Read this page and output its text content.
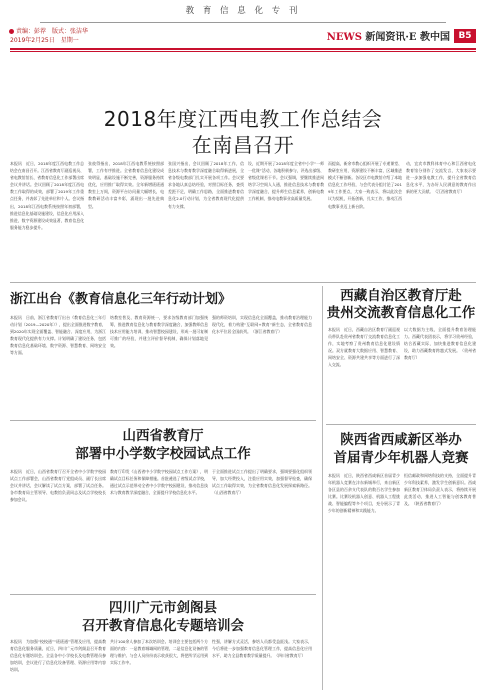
教 育 信 息 化 专 刊
责编：彭荐　版式：张洁华
2019年2月25日　星期一	NEWS 新闻资讯·E 教中国 B5
2018年度江西电教工作总结会
在南昌召开
本报讯　近日，2018年度江西电教工作总结会在南昌召开。江西省教育厅副巡视员、省电教馆馆长、省教育信息化工作部署出席会议并讲话。会议回顾了2018年度江西电教工作取得的成效，部署了2019年工作重点任务，并表彰了先进单位和个人。会议指出，2018年江西电教系统按照年初部署，推进信息化基础设施建设，信息化应用深入推进，数字资源建设成效显著，教育信息化服务能力稳步提升。
张彼得指出，2018年江西电教系统按照部署，工作有序推进。全省教育信息化建设成效明显，基础设施不断完善，资源服务持续优化，应用推广取得实效。全年新增班班通教室上万间，资源平台访问量大幅增长，电教教研活动丰富多彩，涌现出一批先进典型。
张国兴指出，会议回顾了2018年工作，信息技术与教育教学深度融合取得新进展，全省各级电教部门扎实开展各项工作。会议要求各地认真总结经验，对照目标任务，查找差距不足，明确工作思路，全面推进教育信息化2.0行动计划，为全省教育现代化提供有力支撑。
设，近期开展了2018年度全省中小学“一师一优课”活动，各地积极参与，评选出部级、省级优课若干节。会议强调，要继续推进网络学习空间人人通，推进信息技术与教育教学深度融合，提升师生信息素养，创新电教工作机制，推动电教事业高质量发展。
而提高，新余市教心组织开展了专递课堂、教研室应用，资源建设不断丰富，区域推进模式不断创新。各设区市电教馆介绍了本地信息化工作经验，与会代表分组讨论了2019年工作要点，大家一致表示，将以此次会议为契机，开拓创新，扎实工作，推动江西电教事业迈上新台阶。
动，宜宾市教科体育中心和江西省电化教育馆分别作了交流发言，大家表示要进一步加强电教工作，提升全省教育信息化水平，为办好人民满意的教育作出新的更大贡献。（江西省教育厅）
浙江出台《教育信息化三年行动计划》
本报讯　日前，浙江省教育厅出台《教育信息化三年行动计划（2019—2020年）》，提出全面推进数字教育，到2020年实现全面覆盖、智能融合、深度应用，为浙江教育现代化提供有力支撑。计划明确了建设任务，包括教育信息化基础环境、数字资源、智慧教育、网络安全等方面。
络教室普及、教育资源统一，要求各级教育部门加强统筹，推进教育信息化与教育教学深度融合，加强教师信息技术应用能力培训，推动智慧校园建设，形成一批可复制可推广的经验，并建立评价督导机制，确保计划落地见效。
强的师资培训，实现信息化全面覆盖，推动教育治理能力现代化，着力构建“互联网+教育”新生态，全省教育信息化水平位居全国前列。（浙江省教育厅）
西藏自治区教育厅赴
贵州交流教育信息化工作
本报讯　近日，西藏自治区教育厅副巡视员带队赴贵州省教育厅交流教育信息化工作，实地考察了贵州教育信息化建设情况。双方就教育大数据应用、智慧教育、网络安全、资源共建共享等方面进行了深入交流。
以大数据为主线，全面提升教育治理能力。西藏代表团表示，将学习贵州经验，结合西藏实际，加快推进教育信息化建设，助力西藏教育跨越式发展。（贵州省教育厅）
山西省教育厅
部署中小学数字校园试点工作
本报讯　近日，山西省教育厅召开全省中小学数字校园试点工作部署会，山西省教育厅党组成员、副厅长出席会议并讲话，会议解读了试点方案，部署了试点任务。各市教育局主管领导、电教馆负责同志及试点学校校长参加会议。
教育厅印发《山西省中小学数字校园试点工作方案》，明确试点目标任务和保障措施。首批遴选了省级试点学校，通过试点示范带动全省中小学数字校园建设，推动信息技术与教育教学深度融合，全面提升学校信息化水平。
于全面推进试点工作提出了明确要求，强调要强化组织领导，加大经费投入，注重应用实效，加强督导检查，确保试点工作取得实效，为全省教育信息化发展探索新路径。（山西省教育厅）
陕西省西咸新区举办
首届青少年机器人竞赛
本报讯　近日，陕西省西咸新区首届青少年机器人竞赛在沣东新城举行，来自新区各区县的百余支代表队的数百名学生参加比赛。比赛设机器人创意、机器人工程挑战、智能编程等多个项目，充分展示了青少年的创新精神和实践能力。
恒信邮政和网络科技的支持，全面提升青少年科技素养，激发学生创新意识。西咸新区教育卫体局负责人表示，将持续开展此类活动，推进人工智能与创客教育普及。（陕西省教育厅）
四川广元市剑阁县
召开教育信息化专题培训会
本报讯　为加强“校校通”“班班通”管理及应用，提高教育信息化服务质量，近日，四川广元市剑阁县召开教育信息化专题培训会。全县各中小学校长及电教管理员参加培训，会议进行了信息化设备管理、资源应用等内容培训。
共计100余人参加了本次培训会。培训会主要包括两个方面的内容：一是教育城域网的管理，二是信息化设备的管理与维护。与会人员纷纷表示收获很大，将把所学运用到实际工作中。
性强，讲解方式灵活，参培人员都受益匪浅。大家表示，今后将进一步加强教育信息化管理工作，提高信息化应用水平，助力全县教育教学质量提升。（四川省教育厅）
